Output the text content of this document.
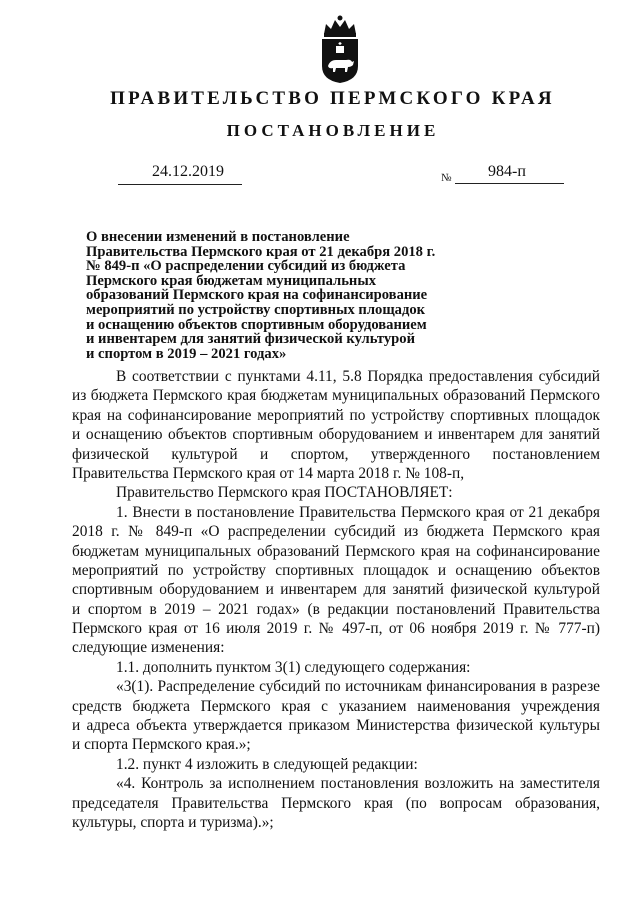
ПРАВИТЕЛЬСТВО ПЕРМСКОГО КРАЯ
ПОСТАНОВЛЕНИЕ
24.12.2019	№ 984-п
О внесении изменений в постановление
Правительства Пермского края от 21 декабря 2018 г.
№ 849-п «О распределении субсидий из бюджета
Пермского края бюджетам муниципальных
образований Пермского края на софинансирование
мероприятий по устройству спортивных площадок
и оснащению объектов спортивным оборудованием
и инвентарем для занятий физической культурой
и спортом в 2019 – 2021 годах»
В соответствии с пунктами 4.11, 5.8 Порядка предоставления субсидий
из бюджета Пермского края бюджетам муниципальных образований Пермского
края на софинансирование мероприятий по устройству спортивных площадок
и оснащению объектов спортивным оборудованием и инвентарем для занятий
физической культурой и спортом, утвержденного постановлением
Правительства Пермского края от 14 марта 2018 г. № 108-п,
Правительство Пермского края ПОСТАНОВЛЯЕТ:
1. Внести в постановление Правительства Пермского края от 21 декабря
2018 г. № 849-п «О распределении субсидий из бюджета Пермского края
бюджетам муниципальных образований Пермского края на софинансирование
мероприятий по устройству спортивных площадок и оснащению объектов
спортивным оборудованием и инвентарем для занятий физической культурой
и спортом в 2019 – 2021 годах» (в редакции постановлений Правительства
Пермского края от 16 июля 2019 г. № 497-п, от 06 ноября 2019 г. № 777-п)
следующие изменения:
1.1. дополнить пунктом 3(1) следующего содержания:
«3(1). Распределение субсидий по источникам финансирования в разрезе
средств бюджета Пермского края с указанием наименования учреждения
и адреса объекта утверждается приказом Министерства физической культуры
и спорта Пермского края.»;
1.2. пункт 4 изложить в следующей редакции:
«4. Контроль за исполнением постановления возложить на заместителя
председателя Правительства Пермского края (по вопросам образования,
культуры, спорта и туризма).»;
